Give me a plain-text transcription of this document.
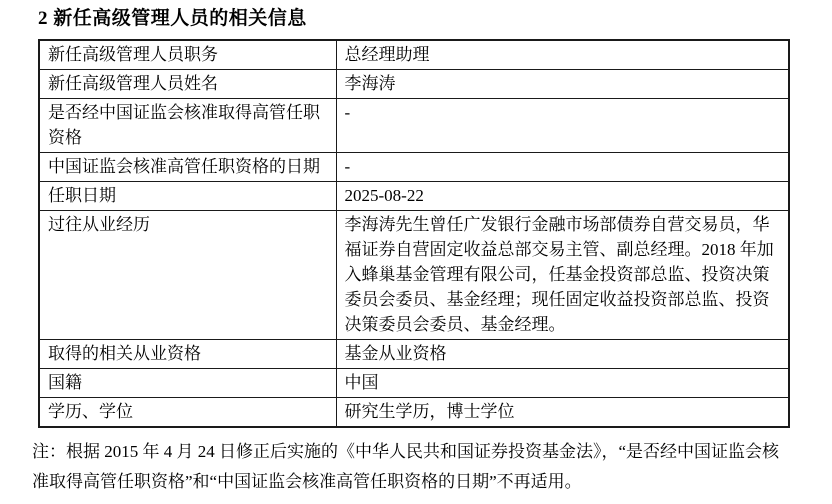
2 新任高级管理人员的相关信息
新任高级管理人员职务	总经理助理
新任高级管理人员姓名	李海涛
是否经中国证监会核准取得高管任职资格	-
中国证监会核准高管任职资格的日期	-
任职日期	2025-08-22
过往从业经历	李海涛先生曾任广发银行金融市场部债券自营交易员，华福证券自营固定收益总部交易主管、副总经理。2018 年加入蜂巢基金管理有限公司，任基金投资部总监、投资决策委员会委员、基金经理；现任固定收益投资部总监、投资决策委员会委员、基金经理。
取得的相关从业资格	基金从业资格
国籍	中国
学历、学位	研究生学历，博士学位

注：根据 2015 年 4 月 24 日修正后实施的《中华人民共和国证券投资基金法》，“是否经中国证监会核准取得高管任职资格”和“中国证监会核准高管任职资格的日期”不再适用。
